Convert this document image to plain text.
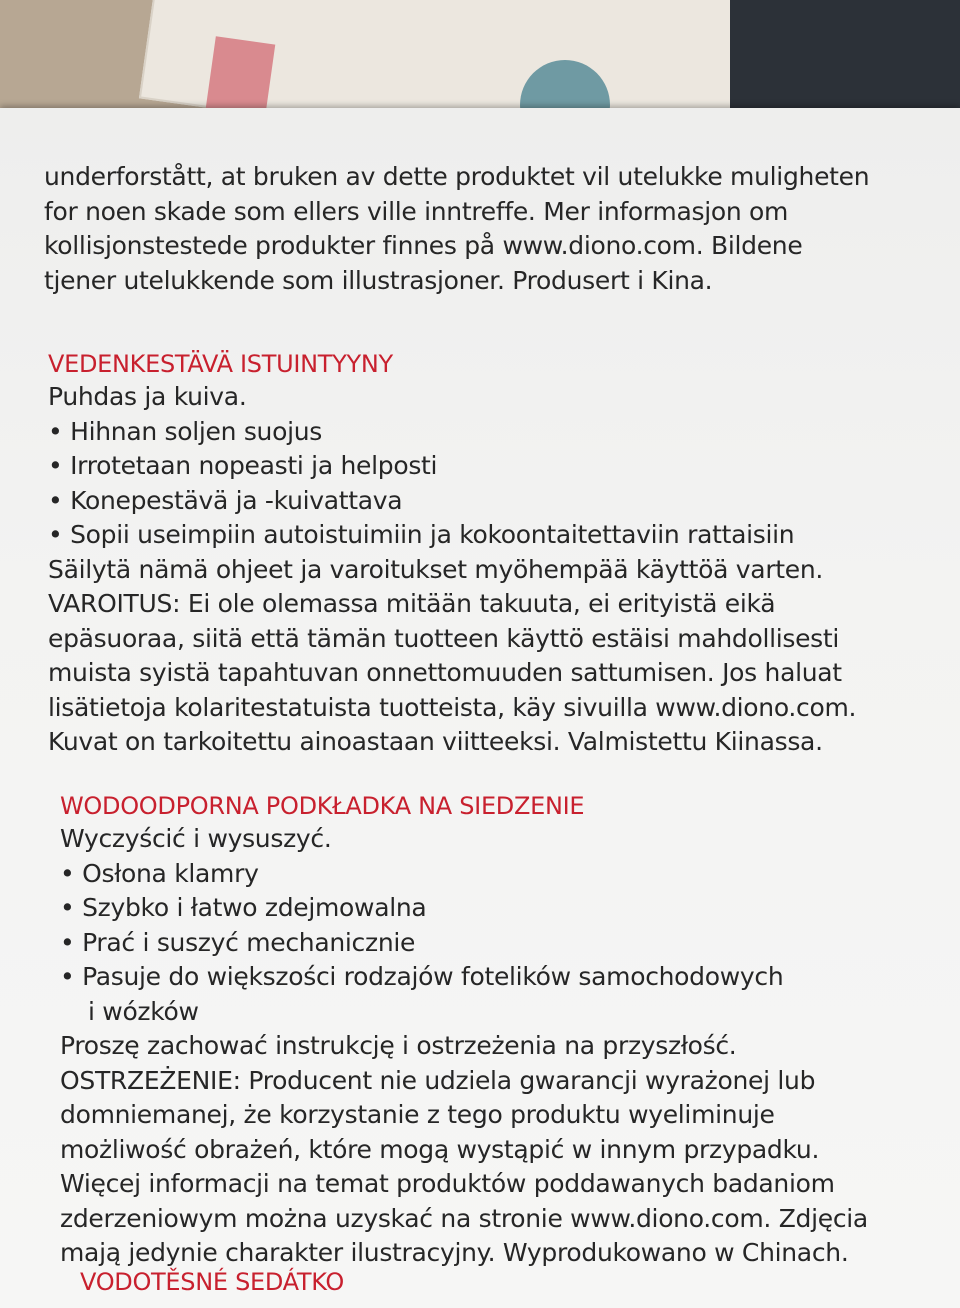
underforstått, at bruken av dette produktet vil utelukke muligheten

for noen skade som ellers ville inntreffe. Mer informasjon om

kollisjonstestede produkter finnes på www.diono.com. Bildene

tjener utelukkende som illustrasjoner. Produsert i Kina.

VEDENKESTÄVÄ ISTUINTYYNY

Puhdas ja kuiva.

• Hihnan soljen suojus

• Irrotetaan nopeasti ja helposti

• Konepestävä ja -kuivattava

• Sopii useimpiin autoistuimiin ja kokoontaitettaviin rattaisiin

Säilytä nämä ohjeet ja varoitukset myöhempää käyttöä varten.

VAROITUS: Ei ole olemassa mitään takuuta, ei erityistä eikä

epäsuoraa, siitä että tämän tuotteen käyttö estäisi mahdollisesti

muista syistä tapahtuvan onnettomuuden sattumisen. Jos haluat

lisätietoja kolaritestatuista tuotteista, käy sivuilla www.diono.com.

Kuvat on tarkoitettu ainoastaan viitteeksi. Valmistettu Kiinassa.

WODOODPORNA PODKŁADKA NA SIEDZENIE

Wyczyścić i wysuszyć.

• Osłona klamry

• Szybko i łatwo zdejmowalna

• Prać i suszyć mechanicznie

• Pasuje do większości rodzajów fotelików samochodowych

i wózków

Proszę zachować instrukcję i ostrzeżenia na przyszłość.

OSTRZEŻENIE: Producent nie udziela gwarancji wyrażonej lub

domniemanej, że korzystanie z tego produktu wyeliminuje

możliwość obrażeń, które mogą wystąpić w innym przypadku.

Więcej informacji na temat produktów poddawanych badaniom

zderzeniowym można uzyskać na stronie www.diono.com. Zdjęcia

mają jedynie charakter ilustracyjny. Wyprodukowano w Chinach.

VODOTĚSNÉ SEDÁTKO
